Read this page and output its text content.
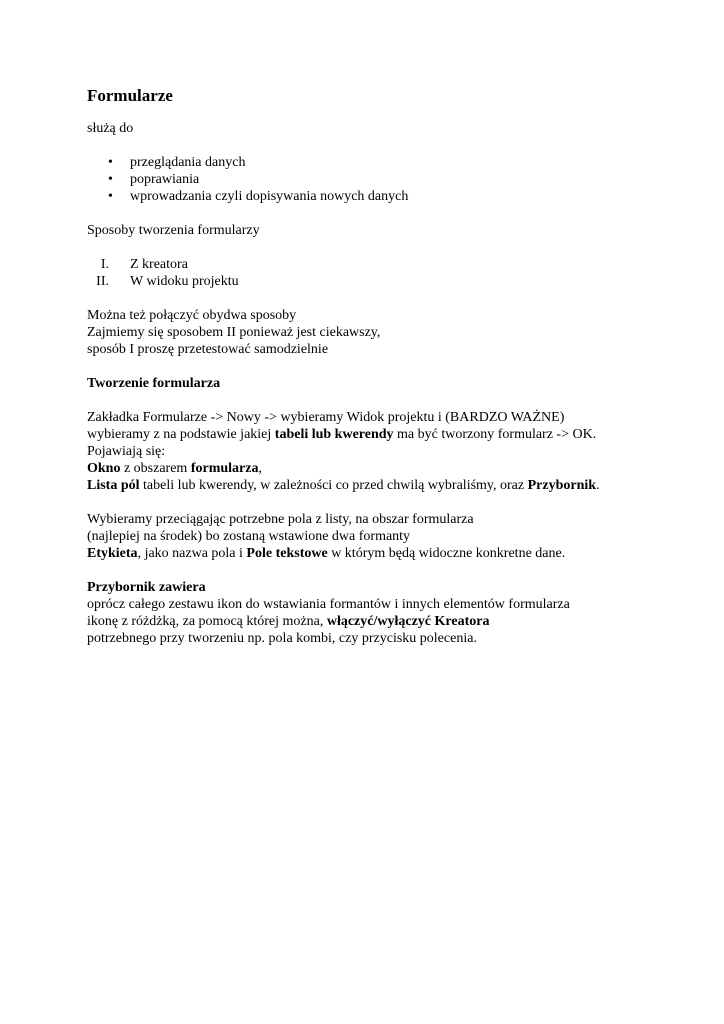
Formularze

służą do

• przeglądania danych
• poprawiania
• wprowadzania czyli dopisywania nowych danych

Sposoby tworzenia formularzy

I. Z kreatora
II. W widoku projektu

Można też połączyć obydwa sposoby

Zajmiemy się sposobem II ponieważ jest ciekawszy,

sposób I proszę przetestować samodzielnie

Tworzenie formularza

Zakładka Formularze -> Nowy -> wybieramy Widok projektu i (BARDZO WAŻNE)

wybieramy z na podstawie jakiej tabeli lub kwerendy ma być tworzony formularz -> OK.

Pojawiają się:

Okno z obszarem formularza,

Lista pól tabeli lub kwerendy, w zależności co przed chwilą wybraliśmy, oraz Przybornik.

Wybieramy przeciągając potrzebne pola z listy, na obszar formularza

(najlepiej na środek) bo zostaną wstawione dwa formanty

Etykieta, jako nazwa pola i Pole tekstowe w którym będą widoczne konkretne dane.

Przybornik zawiera

oprócz całego zestawu ikon do wstawiania formantów i innych elementów formularza

ikonę z różdżką, za pomocą której można, włączyć/wyłączyć Kreatora

potrzebnego przy tworzeniu np. pola kombi, czy przycisku polecenia.
